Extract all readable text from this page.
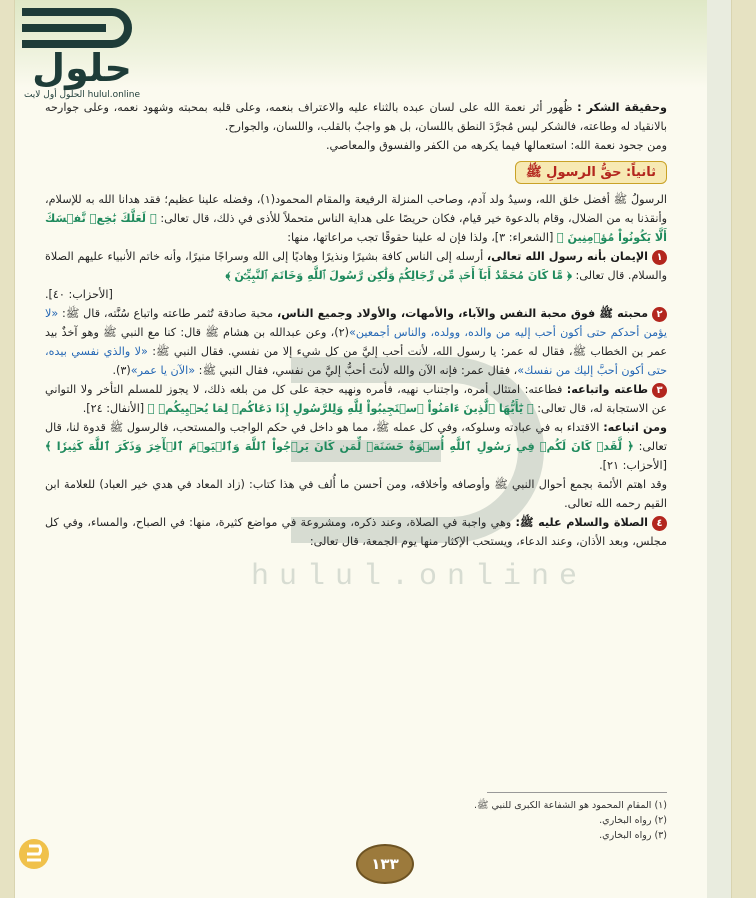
hulul.online

وحقيقة الشكر : ظُهور أثر نعمة الله على لسان عبده بالثناء عليه والاعتراف بنعمه، وعلى قلبه بمحبته وشهود نعمه، وعلى جوارحه بالانقياد له وطاعته، فالشكر ليس مُجرَّدَ النطق باللسان، بل هو واجبٌ بالقلب، واللسان، والجوارح.

ومن جحود نعمة الله: استعمالها فيما يكرهه من الكفر والفسوق والمعاصي.

ثانياً: حقُّ الرسولِ ﷺ

الرسولُ ﷺ أفضل خلق الله، وسيدُ ولد آدم، وصاحب المنزلة الرفيعة والمقام المحمود(١)، وفضله علينا عظيم؛ فقد هدانا الله به للإسلام، وأنقذنا به من الضلال، وقام بالدعوة خير قيام، فكان حريصًا على هداية الناس متحملاً للأذى في ذلك، قال تعالى: ﴿ لَعَلَّكَ بَٰخِعٞ نَّفۡسَكَ أَلَّا يَكُونُواْ مُؤۡمِنِينَ ﴾ [الشعراء: ٣]، ولذا فإن له علينا حقوقًا تجب مراعاتها، منها:

١الإيمان بأنه رسول الله تعالى، أرسله إلى الناس كافة بشيرًا ونذيرًا وهاديًا إلى الله وسراجًا منيرًا، وأنه خاتم الأنبياء عليهم الصلاة والسلام. قال تعالى: ﴿ مَّا كَانَ مُحَمَّدٌ أَبَآ أَحَدٖ مِّن رِّجَالِكُمۡ وَلَٰكِن رَّسُولَ ٱللَّهِ وَخَاتَمَ ٱلنَّبِيِّـۧنَ ﴾

[الأحزاب: ٤٠].

٢محبته ﷺ فوق محبة النفس والآباء، والأمهات، والأولاد وجميع الناس، محبة صادقة تُثمر طاعته واتباع سُنَّته، قال ﷺ: «لا يؤمن أحدكم حتى أكون أحب إليه من والده، وولده، والناس أجمعين»(٢)، وعن عبدالله بن هشام ﷺ قال: كنا مع النبي ﷺ وهو آخذٌ بيد عمر بن الخطاب ﷺ، فقال له عمر: يا رسول الله، لأنت أحب إليَّ من كل شيء إلا من نفسي. فقال النبي ﷺ: «لا والذي نفسي بيده، حتى أكون أحبَّ إليك من نفسك»، فقال عمر: فإنه الآن والله لأنتَ أحبُّ إليَّ من نفسي، فقال النبي ﷺ: «الآن يا عمر»(٣).

٣طاعته واتباعه: فطاعته: امتثال أمره، واجتناب نهيه، فأمره ونهيه حجة على كل من بلغه ذلك، لا يجوز للمسلم التأخر ولا التواني عن الاستجابة له، قال تعالى: ﴿ يَٰٓأَيُّهَا ٱلَّذِينَ ءَامَنُواْ ٱسۡتَجِيبُواْ لِلَّهِ وَلِلرَّسُولِ إِذَا دَعَاكُمۡ لِمَا يُحۡيِيكُمۡ ﴾ [الأنفال: ٢٤].

ومن اتباعه: الاقتداء به في عبادته وسلوكه، وفي كل عمله ﷺ، مما هو داخل في حكم الواجب والمستحب، فالرسول ﷺ قدوة لنا، قال تعالى: ﴿ لَّقَدۡ كَانَ لَكُمۡ فِي رَسُولِ ٱللَّهِ أُسۡوَةٌ حَسَنَةٞ لِّمَن كَانَ يَرۡجُواْ ٱللَّهَ وَٱلۡيَوۡمَ ٱلۡأٓخِرَ وَذَكَرَ ٱللَّهَ كَثِيرٗا ﴾ [الأحزاب: ٢١].

وقد اهتم الأئمة بجمع أحوال النبي ﷺ وأوصافه وأخلاقه، ومن أحسن ما أُلف في هذا كتاب: (زاد المعاد في هدي خير العباد) للعلامة ابن القيم رحمه الله تعالى.

٤الصلاة والسلام عليه ﷺ: وهي واجبة في الصلاة، وعند ذكره، ومشروعة في مواضع كثيرة، منها: في الصباح، والمساء، وفي كل مجلس، وبعد الأذان، وعند الدعاء، ويستحب الإكثار منها يوم الجمعة، قال تعالى:

(١) المقام المحمود هو الشفاعة الكبرى للنبي ﷺ.
(٢) رواه البخاري.
(٣) رواه البخاري.
١٣٣
حلول
الحلول أول لايت hulul.online
